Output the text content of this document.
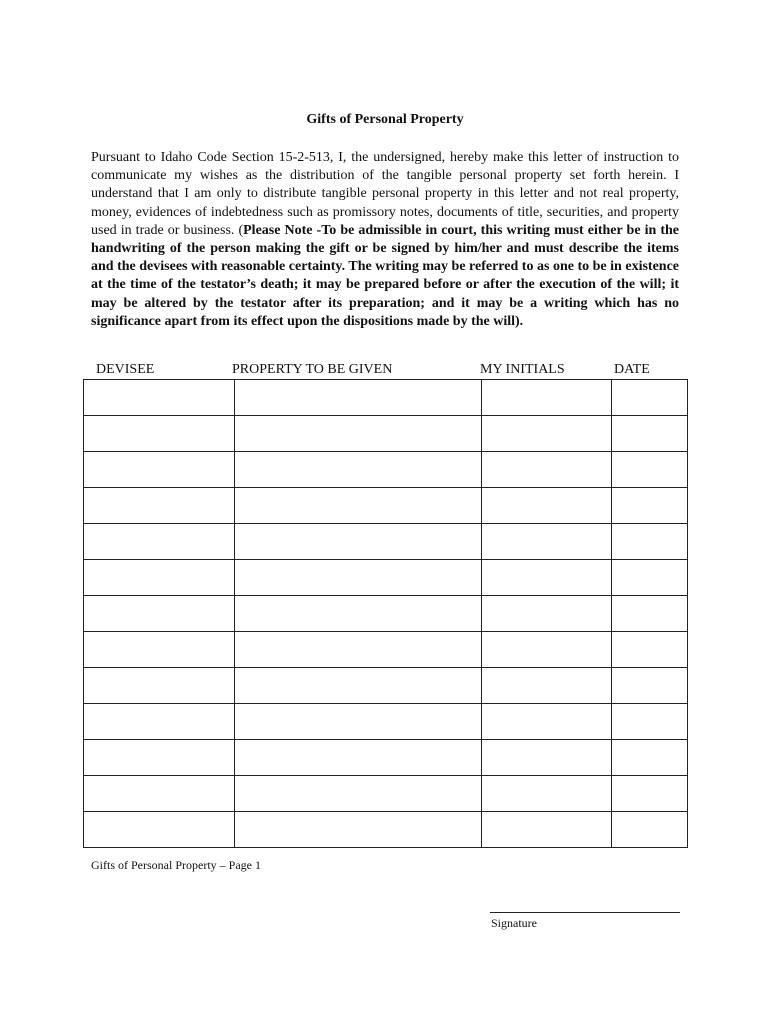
Gifts of Personal Property

Pursuant to Idaho Code Section 15-2-513, I, the undersigned, hereby make this letter of instruction to communicate my wishes as the distribution of the tangible personal property set forth herein. I understand that I am only to distribute tangible personal property in this letter and not real property, money, evidences of indebtedness such as promissory notes, documents of title, securities, and property used in trade or business. (Please Note -To be admissible in court, this writing must either be in the handwriting of the person making the gift or be signed by him/her and must describe the items and the devisees with reasonable certainty. The writing may be referred to as one to be in existence at the time of the testator’s death; it may be prepared before or after the execution of the will; it may be altered by the testator after its preparation; and it may be a writing which has no significance apart from its effect upon the dispositions made by the will).

DEVISEE	PROPERTY TO BE GIVEN	MY INITIALS	DATE

Gifts of Personal Property – Page 1
Signature
